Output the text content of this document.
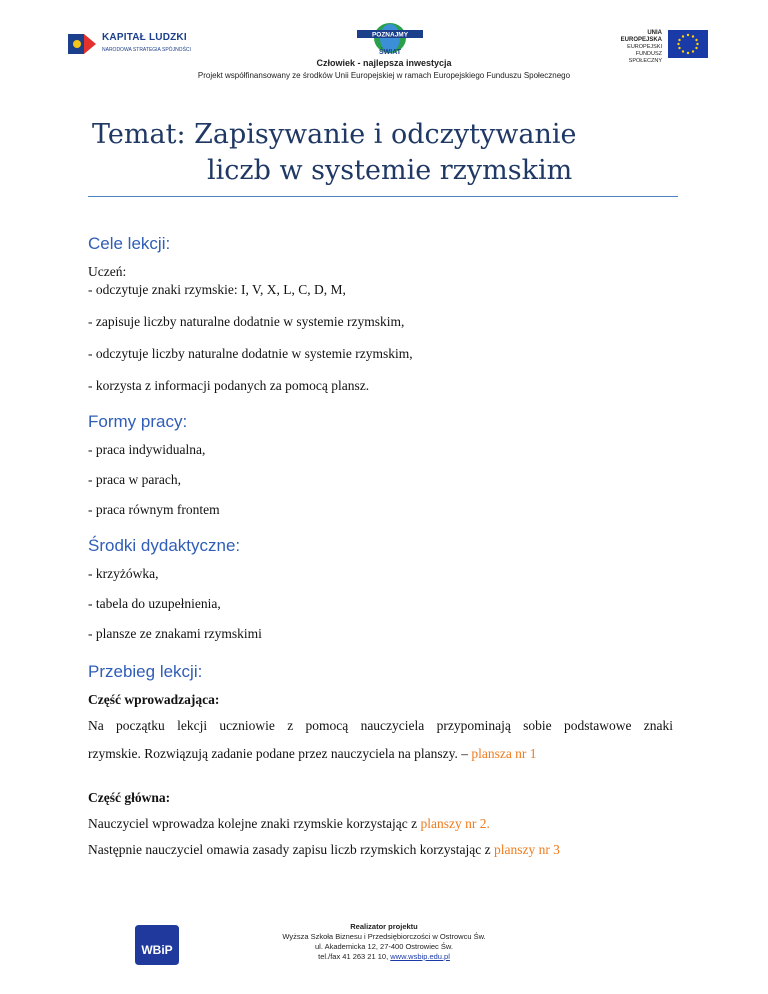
KAPITAŁ LUDZKI
NARODOWA STRATEGIA SPÓJNOŚCI
POZNAJMY
ŚWIAT
Człowiek - najlepsza inwestycja
Projekt współfinansowany ze środków Unii Europejskiej w ramach Europejskiego Funduszu Społecznego
UNIA EUROPEJSKA
EUROPEJSKI
FUNDUSZ SPOŁECZNY
Temat: Zapisywanie i odczytywanie
liczb w systemie rzymskim
Cele lekcji:
Uczeń:
- odczytuje znaki rzymskie: I, V, X, L, C, D, M,
- zapisuje liczby naturalne dodatnie w systemie rzymskim,
- odczytuje liczby naturalne dodatnie w systemie rzymskim,
- korzysta z informacji podanych za pomocą plansz.
Formy pracy:
- praca indywidualna,
- praca w parach,
- praca równym frontem
Środki dydaktyczne:
- krzyżówka,
- tabela do uzupełnienia,
- plansze ze znakami rzymskimi
Przebieg lekcji:
Część wprowadzająca:
Na początku lekcji uczniowie z pomocą nauczyciela przypominają sobie podstawowe znaki
rzymskie. Rozwiązują zadanie podane przez nauczyciela na planszy. – plansza nr 1
Część główna:
Nauczyciel wprowadza kolejne znaki rzymskie korzystając z planszy nr 2.
Następnie nauczyciel omawia zasady zapisu liczb rzymskich korzystając z planszy nr 3
WBiP
Realizator projektu
Wyższa Szkoła Biznesu i Przedsiębiorczości w Ostrowcu Św.
ul. Akademicka 12, 27-400 Ostrowiec Św.
tel./fax 41 263 21 10, www.wsbip.edu.pl
